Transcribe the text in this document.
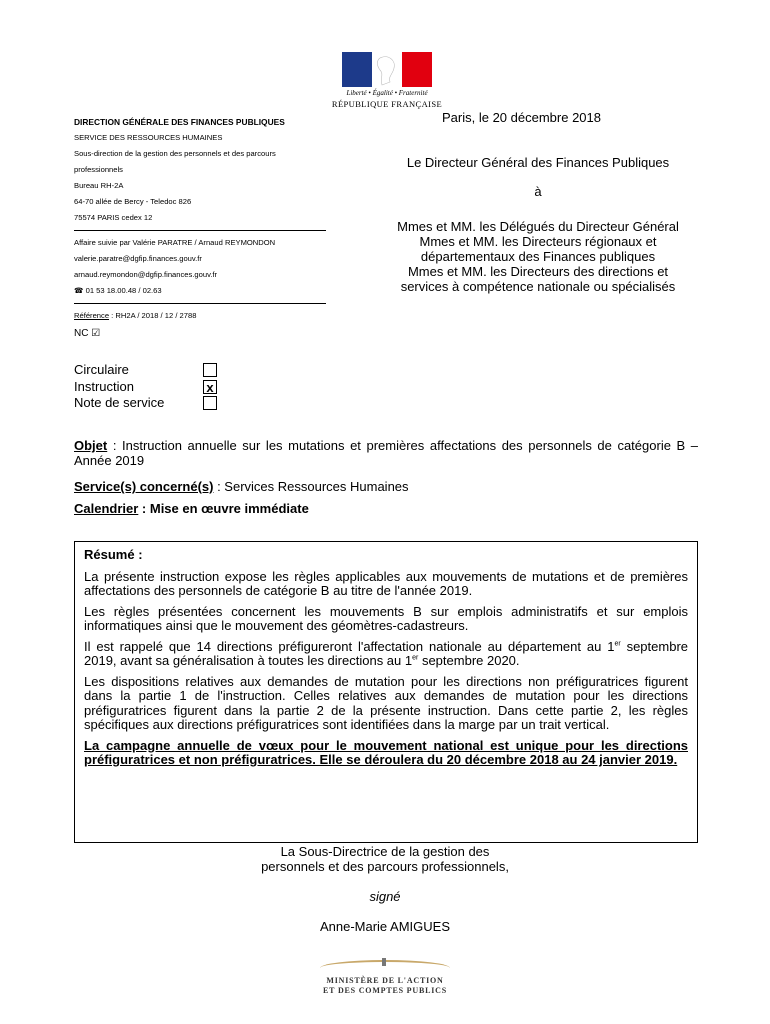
Liberté • Égalité • Fraternité
RÉPUBLIQUE FRANÇAISE
DIRECTION GÉNÉRALE DES FINANCES PUBLIQUES
SERVICE DES RESSOURCES HUMAINES
Sous-direction de la gestion des personnels et des parcours
professionnels
Bureau RH-2A
64-70 allée de Bercy - Teledoc 826
75574 PARIS cedex 12
Affaire suivie par Valérie PARATRE / Arnaud REYMONDON
valerie.paratre@dgfip.finances.gouv.fr
arnaud.reymondon@dgfip.finances.gouv.fr
☎ 01 53 18.00.48 / 02.63
Référence : RH2A / 2018 / 12 / 2788
NC ☑
Paris, le 20 décembre 2018
Le Directeur Général des Finances Publiques
à
Mmes et MM. les Délégués du Directeur Général
Mmes et MM. les Directeurs régionaux et
départementaux des Finances publiques
Mmes et MM. les Directeurs des directions et
services à compétence nationale ou spécialisés
Circulaire
Instruction	x
Note de service
Objet : Instruction annuelle sur les mutations et premières affectations des personnels de catégorie B – Année 2019
Service(s) concerné(s) : Services Ressources Humaines
Calendrier : Mise en œuvre immédiate
Résumé :

La présente instruction expose les règles applicables aux mouvements de mutations et de premières affectations des personnels de catégorie B au titre de l'année 2019.

Les règles présentées concernent les mouvements B sur emplois administratifs et sur emplois informatiques ainsi que le mouvement des géomètres-cadastreurs.

Il est rappelé que 14 directions préfigureront l'affectation nationale au département au 1er septembre 2019, avant sa généralisation à toutes les directions au 1er septembre 2020.

Les dispositions relatives aux demandes de mutation pour les directions non préfiguratrices figurent dans la partie 1 de l'instruction. Celles relatives aux demandes de mutation pour les directions préfiguratrices figurent dans la partie 2 de la présente instruction. Dans cette partie 2, les règles spécifiques aux directions préfiguratrices sont identifiées dans la marge par un trait vertical.

La campagne annuelle de vœux pour le mouvement national est unique pour les directions préfiguratrices et non préfiguratrices. Elle se déroulera du 20 décembre 2018 au 24 janvier 2019.

La Sous-Directrice de la gestion des
personnels et des parcours professionnels,
signé
Anne-Marie AMIGUES
MINISTÈRE DE L'ACTION
ET DES COMPTES PUBLICS
